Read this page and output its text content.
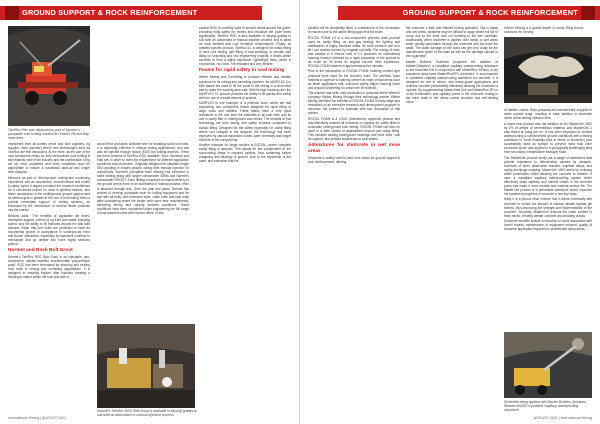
GROUND SUPPORT & ROCK REINFORCEMENT
TamRoc Flex was deployed as part of Sproton's pumpable rock bolting solution for Kaba's Terrace Bay mine-lines

investment from all parties (mine and bolt suppliers, rig supplier, mine operator) where new technologies such as TamRoc are first introduced. At the mine, as the use of the new component resins for fully mechanised rock bolting is still relatively new in the industry and the combination of rig set up, resin properties and mine conditions must be appropriate to ensure a successful start-up and longer term adoption.

Minova's 'as part of' development, testing and monitoring experience can as mechanical, environmental and health & safety topics it argues provided the required confidence for a successful launch for what is general traction, and faster acceptance in the underground ground support and as Minova gets in greater in the use of bolt bolting resin in provide immediate support of bolting systems, as enhanced by the introduction of several newer products into the market.

Besides adds: "The benefits of capacitive set times, immediate support, control of up-front and stable pumping speed, and the ability to fill fractures around the drill hole annulus, mean that bolt holes are protected to have an exponential growth in acceptance in underground mine and tunnel operations, especially as operators continue to mechanise and go deeper into more highly stressed ground."

Normet and Rock Bolt Grout

Normet's TamRoc ROC Bolt Grout is an injectable, two-component, silicate-modified indeterminate polyurethane grout. ROC has been formulated for securing and sealing rock bolts in mining and tunnelling applications. It is designed to instantly thicken after injection creating a thixotropic nature within the rock bolt hole in

avoid reflux and allow sufficient time for installing solid rock bolts. It is especially effective in vertical bolting applications, and can also be injected through hollow (SOS) bar bolting anchors. These are three versions of TamRoc ROC available: Slow, Standard and Fast set, in order to meet the requirement for different application conditions and processes. Originally designed for standard length SEA grouting in broken ground during both manual injection for anchorbolts, Normet's pumpable resin offering has extended to cable bolting along with longer consumable SEMs and Normet's consumable GROUT. Each drilling company's nonhand delivery to the ground where more of an automated or manual process, resin is attached through this. Over the past few years, Normet has worked to develop pumpable resin for bolting equipment and for use with all bolts, with extended bolts, cable bolts and stop bolts alike considering where the longer resin open time requirements, delivering strong and varying ambient conditions. These conditions have been considered when engineering the full range of improvement cures with Normet offers. In this

Normet's TamRoc ROC Bolt Grout is available in varying grades to suit both an automated or manual injection process

context ROC is currently used in several mines around the globe, providing early safety for miners and reduction the cycle times significantly. TamRoc ROC is also available in varying grades to suit both an automated or manual injection process and to allow for local ambient and rock formation temperatures. Finally, as ambient specific product, TamRoc ILL is designed for easily fitting in hard rock mining, gelt filling in coal workings, to provide void filling for tunnelling and civil engineering projects. It reacts within seconds to form a highly expansive, lightweight foam, which is economical, non-toxic, fire retardant and very flexible.

Foams for rapid safety in coal mining

Weber Mining and Tunnelling to produce efficient and reliable solutions for its mining and tunnelling partners. Its MARFLEX Co-Mile foams are used to fill the voids in the ceiling in a short time and to make the working area safe. With its high foaming rate, the MARFLEX CL product provides the ability to fill quickly and safely with the use of a small amount of product.

MARFLEX is one example of a phenolic foam, which are fast expanding, two component foams designed for rapid filling of large voids and cavities. These foams have a very good resistance to fire and form the materials in all coal mine and its use in cavity filler in underground coal mines. The benefits of this technology are time saving and safety increase compared to classic filling. Designed for the safety especially for cavity filling where roof collapse in the longwall, the technology has been improved by various expansion cubes, safer chemistry and longer shelf life of the components.

Another example for larger cavities is ROCSIL, where complete cavity filling is assured. This allows for the containment of the surrounding strata in required cavities, thus containing further collapsing and allowing of ground. Due to the expansion of the foam, and extension that the

International Mining | AUGUST 2021
GROUND SUPPORT & ROCK REINFORCEMENT

cavities will be completely filled, a containment of the excavation is ensured due to the active filling support of the foam.

ROCSIL FOAM LG is a two-component phenolic resin product used for cavity filling, air and gas sealing, fire fighting and stabilisation of highly fractured strata. Its most common use is in fill / coil cavities formed by longwall roof falls. The mixing of resin and catalyst in a mixture ratio of 1:1 produces an immediately foaming reaction followed by a rapid expansion of the product to as much as 30 times its original volume. With experience, ROCSIL FOAM reaches in approximately five minutes.

Prior to the introduction of ROCSIL FOAM, foaming cement type products were used for the recovery work. The phenolic foam material is superior to foaming cement at many critical areas such as faster application rate, improved safety, higher foaming times and reduced shuttering to contain the fill material.

The solution has been very successful in Australia where Weber's company Weber Mining through their technology partner Weber Mining identified the benefits of ROCSIL FOAM in early stage and embarked on an extensive research and development program to introduce the product to Australia with two thousands of risk salvers.

ROCSIL FOAM is a LOHA (Admixtures) approved product and has effectively entered all hundreds of markets for safety filled in Australian underground coal mining. ROCSIL FOAM can also be used in a wide variety of applications beyond just cavity filling. This includes sealing undergound headings and mine lines, coal rib support, and surface subsidence in coal seams.

Admixtures for shotcrete in wet mine areas

Shotcrete is widely used in hard rock mines for ground support & rock reinforcement, offering

the customer a safe and efficient mining operation. Out in damp and wet areas, shotcrete may be difficult to apply where full set to occur due to the shell rock not bonding to the wet substrate. Additionally, when shotcrete is applied over damp or wet areas water usually penetrates through the shotcrete and the bond the seals. The water damage on the bond can get very costly for the maintenance spare of the base as well as the damage caused to the equipment.

Master Builders Solutions proposed the addition of MasterCellspeed, a crystalline capillary waterproofing admixture to the shotcrete mix in conjunction with MasterRoc SPrcus, a dry powdered silica-fume MasterRoc/SPL admixture. It accompanies a crystalline capillary waterproofing admixture for concrete. It is designed for use in above- and below-grade applications and reduces concrete permeability effectively allowing the shotcrete to hydrate. By supplementing MasterSeal Cell and MasterRoc SP-nc in the formulation, and capillary pores in the shotcrete closing in the mine walls in the dense matrix structure and self-healing minor

Weber Mining is a global leader in cavity filling foams solutions for mining

of hairline cracks. Both products are commercially supplied in water soluble bags, resulting in ease addition to shotcrete mixes whilst adding operator time.

A brand new product was the addition of the MasterLife 4300 by 2% of weight of cementitious material, and MasterCell 1 was dosed at using per m³. It has been employed to combat waterproofing & cohesiveness ground conditions with a mining contractor in South Australia (see in terms of shotcrete) plus successfully used as surface to prevent most rock mine excessive quote' was applied to a geologically challenging area from secondary infrastructure transport route.

The MasterLife product family are a range of admixtures that provide resistance to deterioration caused by abrasion, corrosion of steel, alkali-silica reaction, sulphate attack, and drying shrinkage cracking. MasterLife 4300 works by reducing water penetration whilst allowing the concrete to breathe. It uses a crystalline capillary waterproofing system which effectively seals capillary and hairline cracks in the concrete pores that make it more durable and extends service life. The MasterCell product is a permeable admixture which improves the hardened properties of concrete in two key ways:

firstly it is a porous resin mixture that it works chemically with concrete to reduce the amount of calcium silicate hydrate gel formed, thus improving the strength and impermeability of the concrete. Secondly, MasterCell reduces the water content in fresh mixes, creating denser concrete and avoiding cracks.

Customer benefits include a reduction in costs associated with tunnel repairs, maintenance of equipment reduced, quality of shotcrete application improved in problematic damp areas.

Shotcrete being applied with Master Builders Solutions MasterLife4300 crystalline capillary waterproofing admixture
AUGUST 2021 | International Mining
